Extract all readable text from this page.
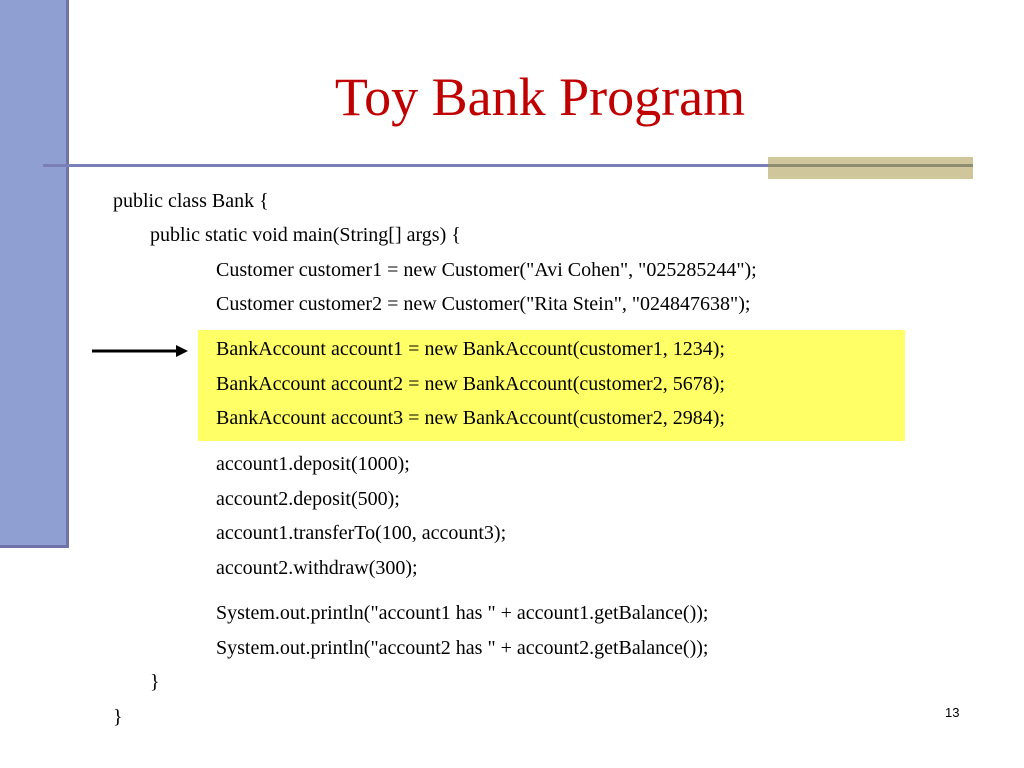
Toy Bank Program
public class Bank {
public static void main(String[] args) {
Customer customer1 = new Customer("Avi Cohen", "025285244");
Customer customer2 = new Customer("Rita Stein", "024847638");
BankAccount account1 = new BankAccount(customer1, 1234);
BankAccount account2 = new BankAccount(customer2, 5678);
BankAccount account3 = new BankAccount(customer2, 2984);
account1.deposit(1000);
account2.deposit(500);
account1.transferTo(100, account3);
account2.withdraw(300);
System.out.println("account1 has " + account1.getBalance());
System.out.println("account2 has " + account2.getBalance());
}
}	13
